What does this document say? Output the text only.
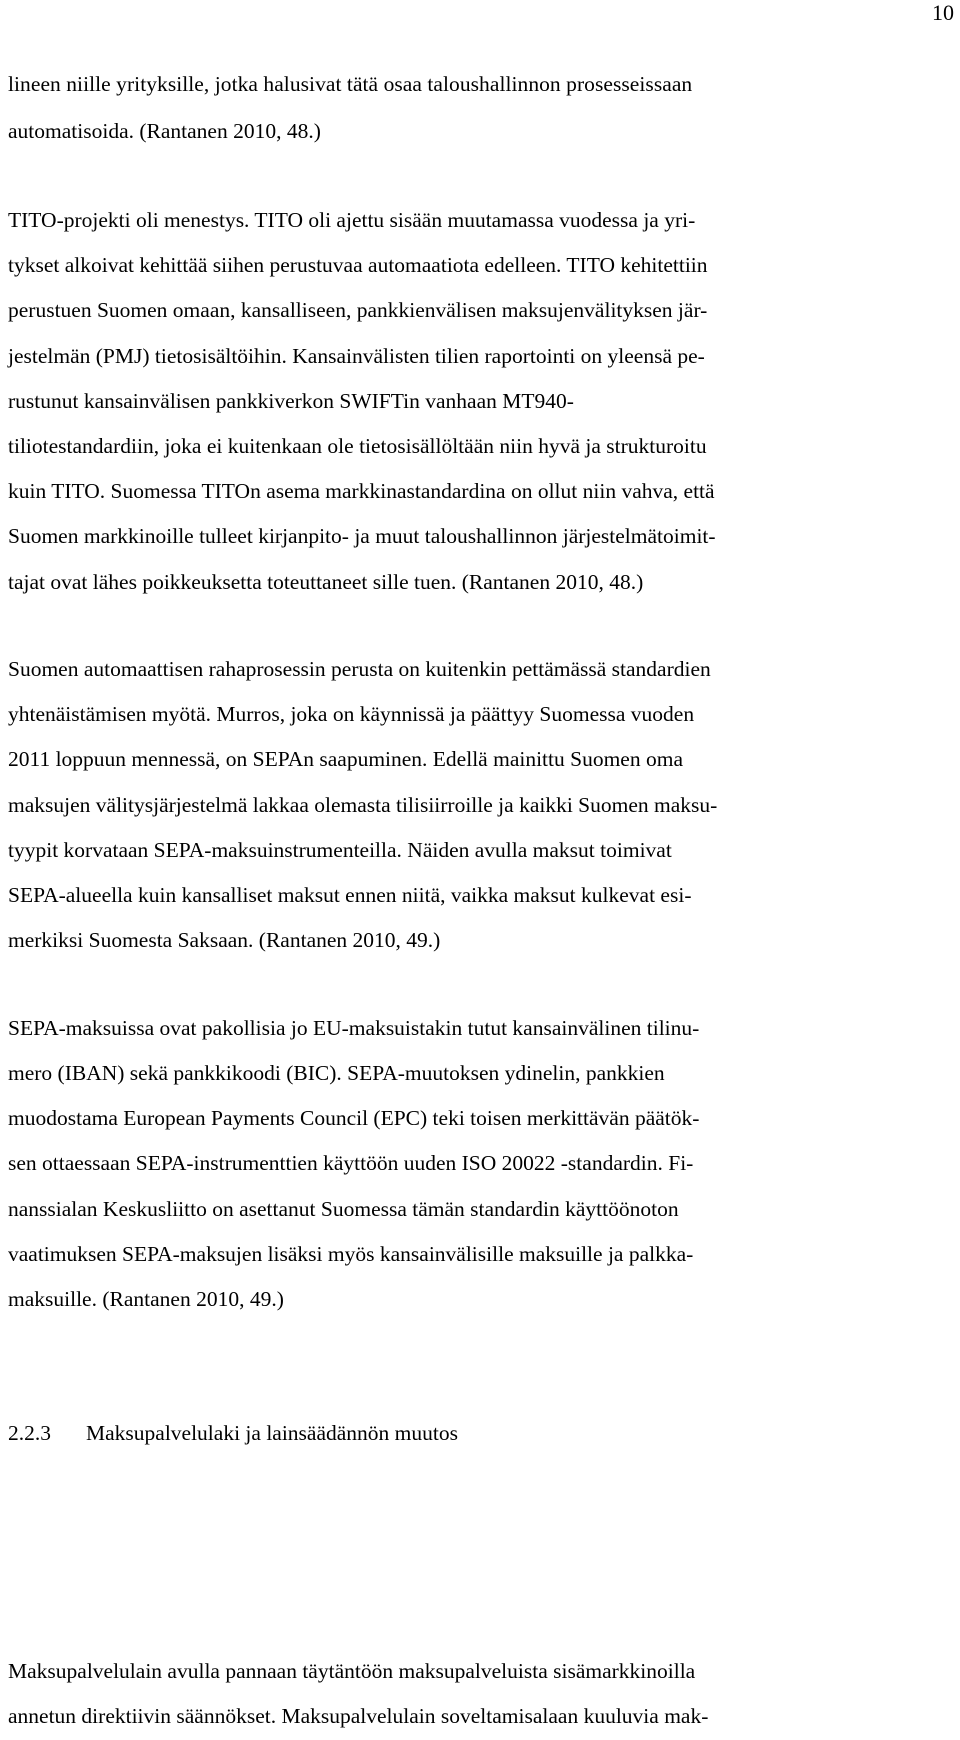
10
lineen niille yrityksille, jotka halusivat tätä osaa taloushallinnon prosesseissaan
automatisoida. (Rantanen 2010, 48.)
TITO-projekti oli menestys. TITO oli ajettu sisään muutamassa vuodessa ja yri-
tykset alkoivat kehittää siihen perustuvaa automaatiota edelleen. TITO kehitettiin
perustuen Suomen omaan, kansalliseen, pankkienvälisen maksujenvälityksen jär-
jestelmän (PMJ) tietosisältöihin. Kansainvälisten tilien raportointi on yleensä pe-
rustunut kansainvälisen pankkiverkon SWIFTin vanhaan MT940-
tiliotestandardiin, joka ei kuitenkaan ole tietosisällöltään niin hyvä ja strukturoitu
kuin TITO. Suomessa TITOn asema markkinastandardina on ollut niin vahva, että
Suomen markkinoille tulleet kirjanpito- ja muut taloushallinnon järjestelmätoimit-
tajat ovat lähes poikkeuksetta toteuttaneet sille tuen. (Rantanen 2010, 48.)
Suomen automaattisen rahaprosessin perusta on kuitenkin pettämässä standardien
yhtenäistämisen myötä. Murros, joka on käynnissä ja päättyy Suomessa vuoden
2011 loppuun mennessä, on SEPAn saapuminen. Edellä mainittu Suomen oma
maksujen välitysjärjestelmä lakkaa olemasta tilisiirroille ja kaikki Suomen maksu-
tyypit korvataan SEPA-maksuinstrumenteilla. Näiden avulla maksut toimivat
SEPA-alueella kuin kansalliset maksut ennen niitä, vaikka maksut kulkevat esi-
merkiksi Suomesta Saksaan. (Rantanen 2010, 49.)
SEPA-maksuissa ovat pakollisia jo EU-maksuistakin tutut kansainvälinen tilinu-
mero (IBAN) sekä pankkikoodi (BIC). SEPA-muutoksen ydinelin, pankkien
muodostama European Payments Council (EPC) teki toisen merkittävän päätök-
sen ottaessaan SEPA-instrumenttien käyttöön uuden ISO 20022 -standardin. Fi-
nanssialan Keskusliitto on asettanut Suomessa tämän standardin käyttöönoton
vaatimuksen SEPA-maksujen lisäksi myös kansainvälisille maksuille ja palkka-
maksuille. (Rantanen 2010, 49.)
2.2.3 Maksupalvelulaki ja lainsäädännön muutos
Maksupalvelulain avulla pannaan täytäntöön maksupalveluista sisämarkkinoilla
annetun direktiivin säännökset. Maksupalvelulain soveltamisalaan kuuluvia mak-
